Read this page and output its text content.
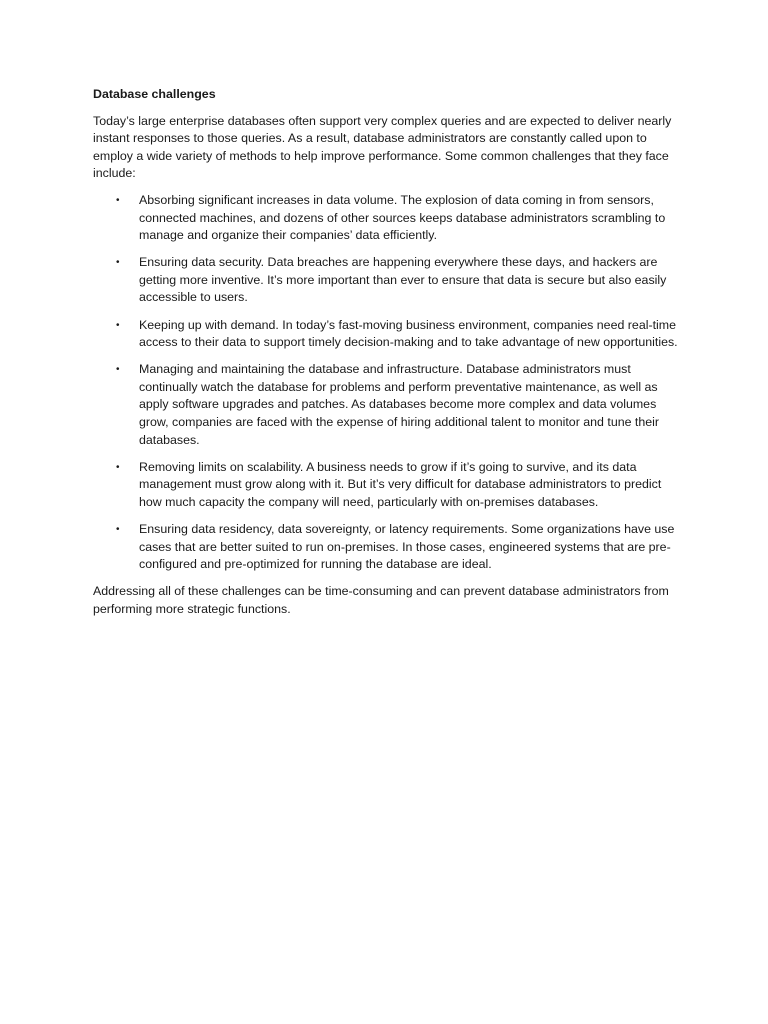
Database challenges

Today’s large enterprise databases often support very complex queries and are expected to deliver nearly instant responses to those queries. As a result, database administrators are constantly called upon to employ a wide variety of methods to help improve performance. Some common challenges that they face include:

• Absorbing significant increases in data volume. The explosion of data coming in from sensors, connected machines, and dozens of other sources keeps database administrators scrambling to manage and organize their companies’ data efficiently.
• Ensuring data security. Data breaches are happening everywhere these days, and hackers are getting more inventive. It’s more important than ever to ensure that data is secure but also easily accessible to users.
• Keeping up with demand. In today’s fast-moving business environment, companies need real-time access to their data to support timely decision-making and to take advantage of new opportunities.
• Managing and maintaining the database and infrastructure. Database administrators must continually watch the database for problems and perform preventative maintenance, as well as apply software upgrades and patches. As databases become more complex and data volumes grow, companies are faced with the expense of hiring additional talent to monitor and tune their databases.
• Removing limits on scalability. A business needs to grow if it’s going to survive, and its data management must grow along with it. But it’s very difficult for database administrators to predict how much capacity the company will need, particularly with on-premises databases.
• Ensuring data residency, data sovereignty, or latency requirements. Some organizations have use cases that are better suited to run on-premises. In those cases, engineered systems that are pre-configured and pre-optimized for running the database are ideal.

Addressing all of these challenges can be time-consuming and can prevent database administrators from performing more strategic functions.
